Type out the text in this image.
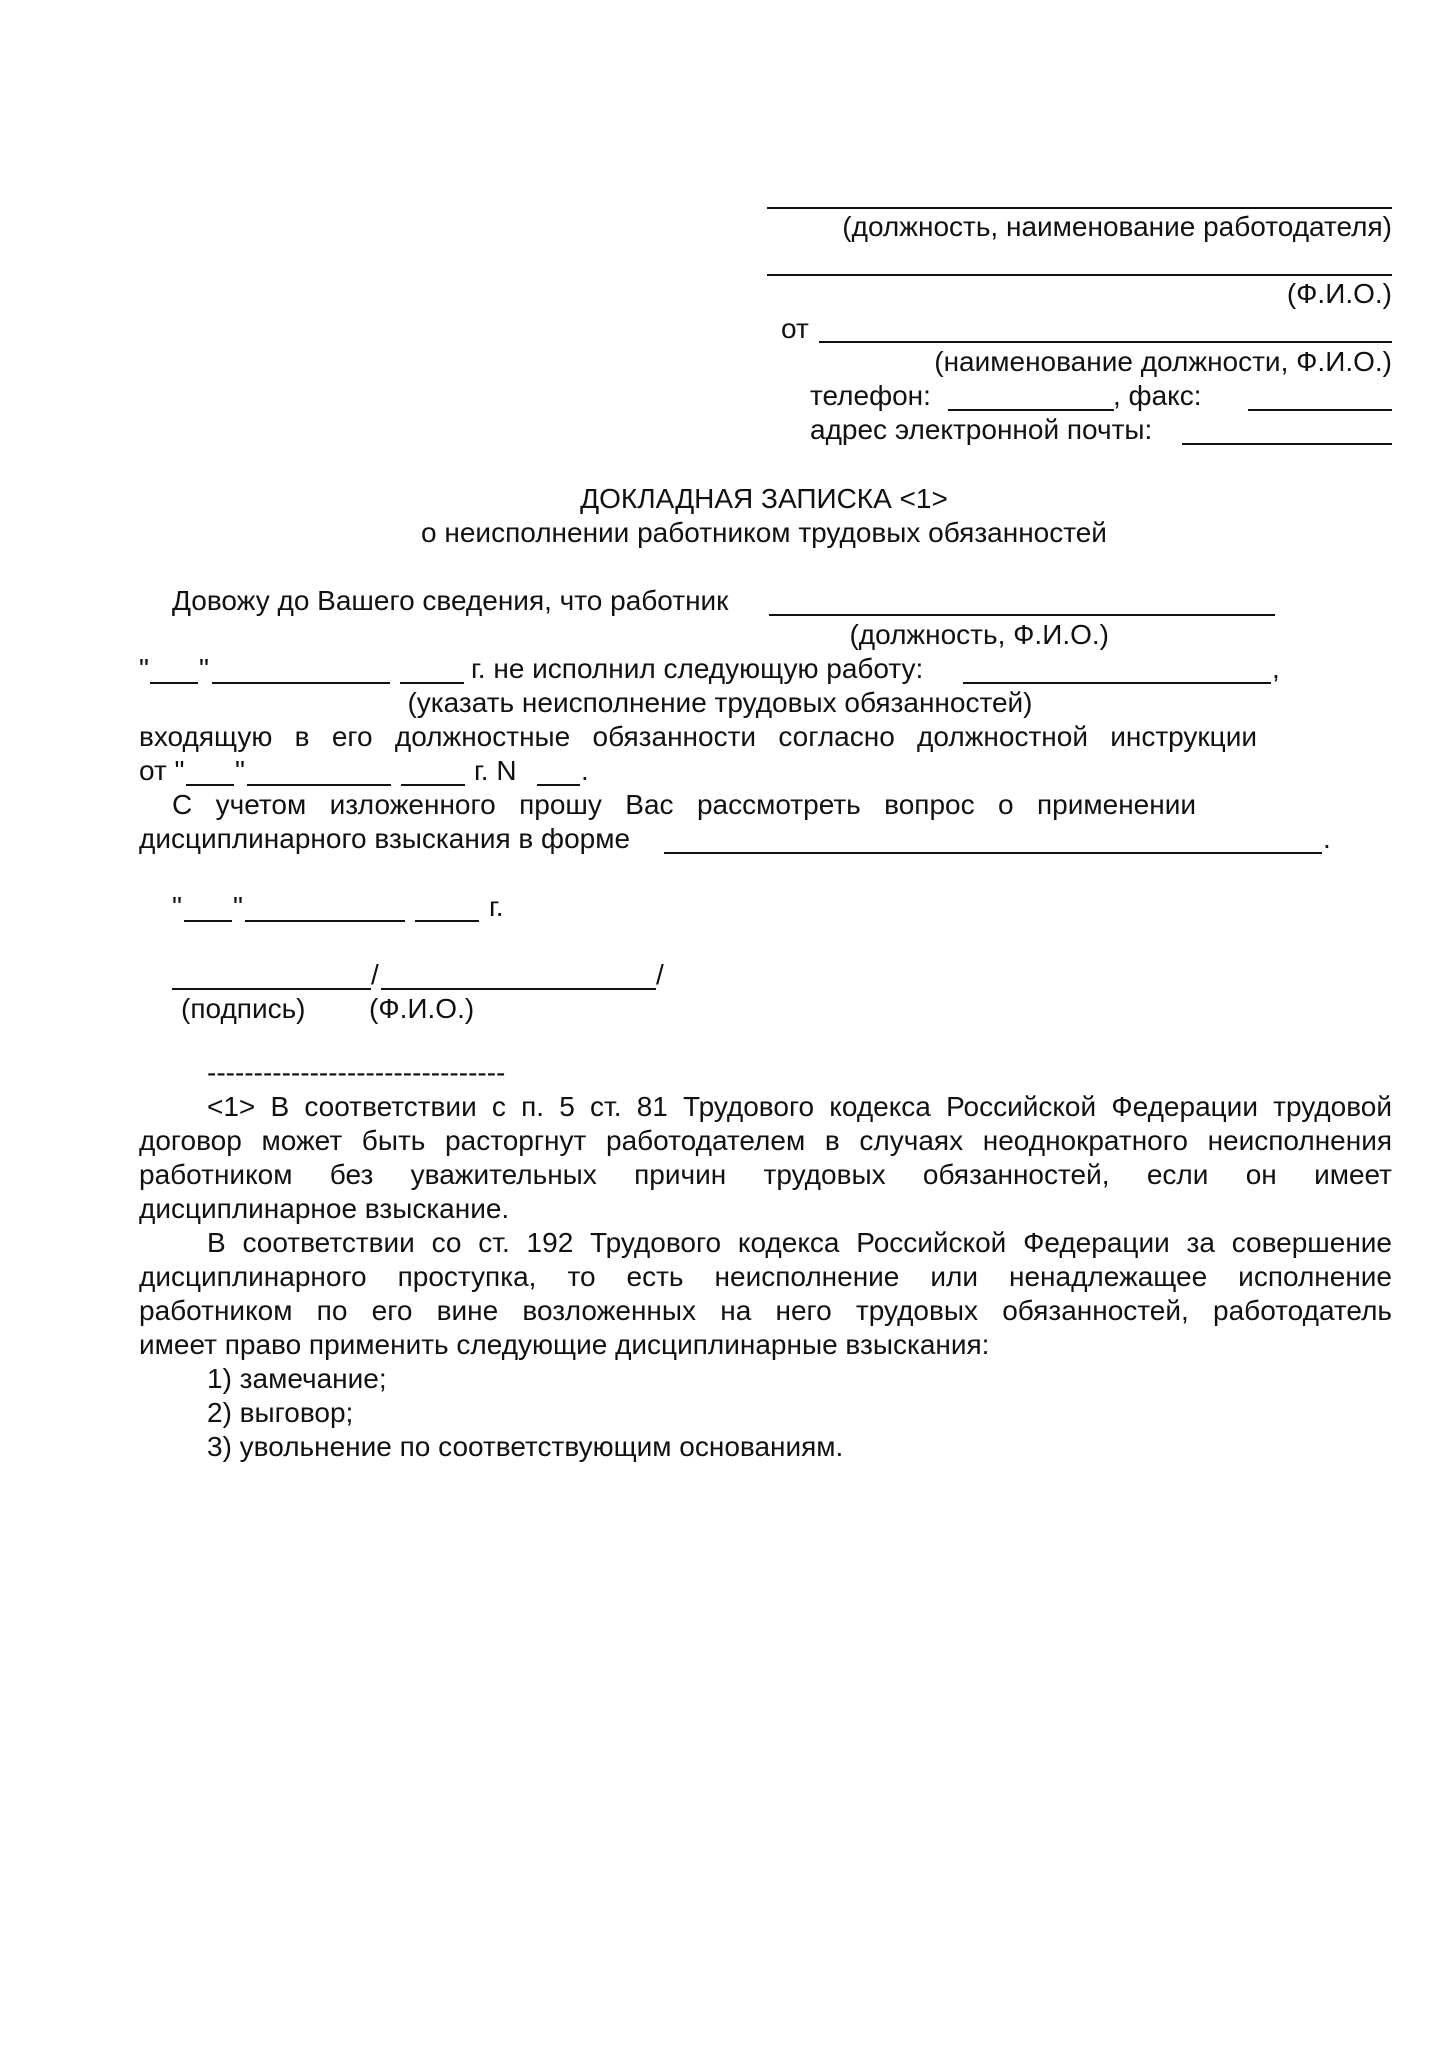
(должность, наименование работодателя)
(Ф.И.О.)
от
(наименование должности, Ф.И.О.)
телефон:	, факс:
адрес электронной почты:
ДОКЛАДНАЯ ЗАПИСКА <1>
о неисполнении работником трудовых обязанностей
Довожу до Вашего сведения, что работник
(должность, Ф.И.О.)
" "	г. не исполнил следующую работу:	,
(указать неисполнение трудовых обязанностей)
входящую в его должностные обязанности согласно должностной инструкции
от " "	г. N .
С учетом изложенного прошу Вас рассмотреть вопрос о применении
дисциплинарного взыскания в форме	.
" "	г.
/	/
(подпись) (Ф.И.О.)
--------------------------------
<1> В соответствии с п. 5 ст. 81 Трудового кодекса Российской Федерации трудовой
договор может быть расторгнут работодателем в случаях неоднократного неисполнения
работником без уважительных причин трудовых обязанностей, если он имеет
дисциплинарное взыскание.
В соответствии со ст. 192 Трудового кодекса Российской Федерации за совершение
дисциплинарного проступка, то есть неисполнение или ненадлежащее исполнение
работником по его вине возложенных на него трудовых обязанностей, работодатель
имеет право применить следующие дисциплинарные взыскания:
1) замечание;
2) выговор;
3) увольнение по соответствующим основаниям.
